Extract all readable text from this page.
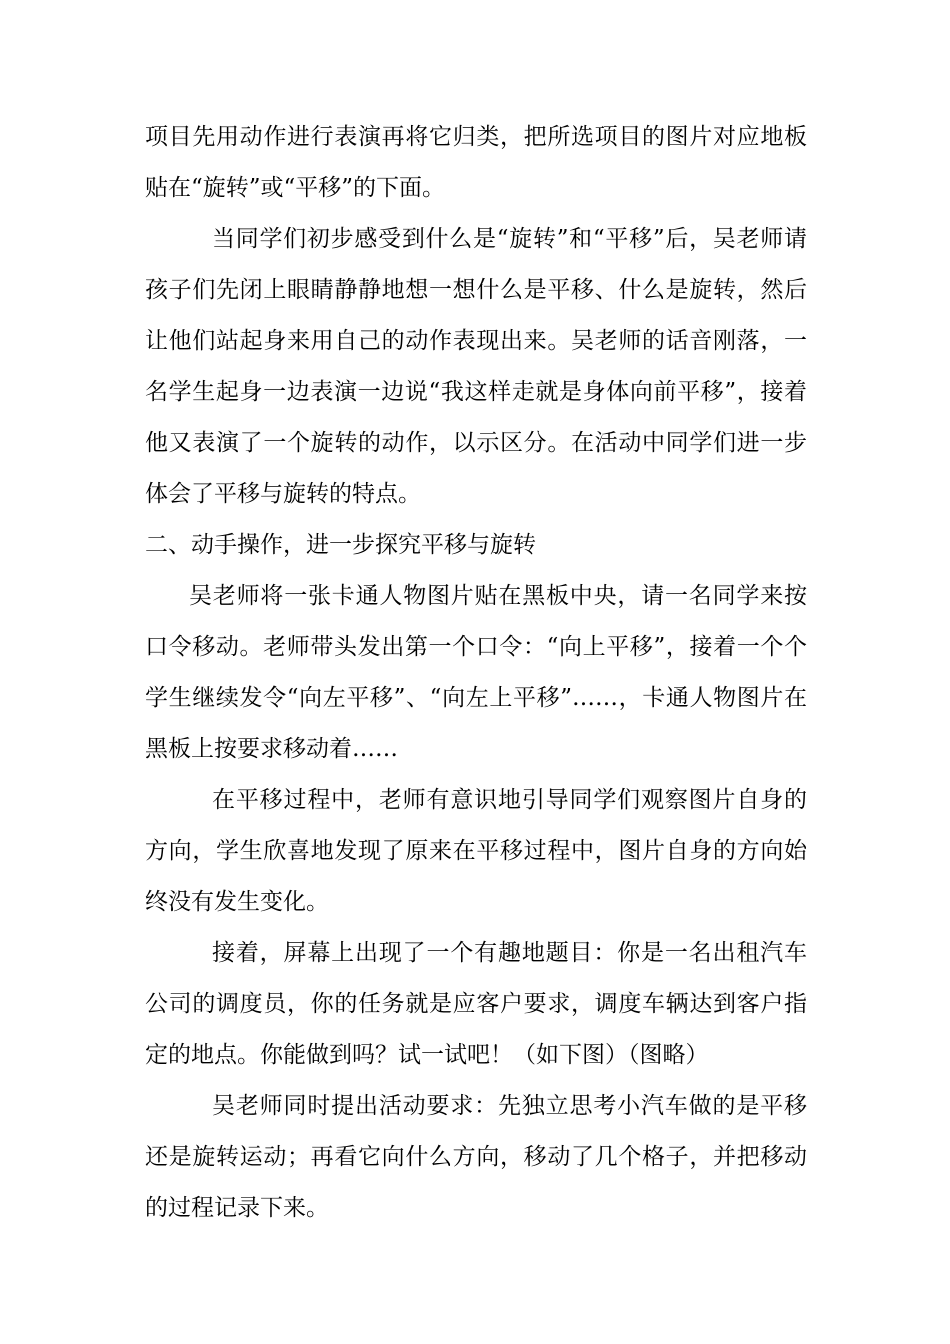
项目先用动作进行表演再将它归类，把所选项目的图片对应地板贴在“旋转”或“平移”的下面。

当同学们初步感受到什么是“旋转”和“平移”后，吴老师请孩子们先闭上眼睛静静地想一想什么是平移、什么是旋转，然后让他们站起身来用自己的动作表现出来。吴老师的话音刚落，一名学生起身一边表演一边说“我这样走就是身体向前平移”，接着他又表演了一个旋转的动作，以示区分。在活动中同学们进一步体会了平移与旋转的特点。

二、动手操作，进一步探究平移与旋转

吴老师将一张卡通人物图片贴在黑板中央，请一名同学来按口令移动。老师带头发出第一个口令：“向上平移”，接着一个个学生继续发令“向左平移”、“向左上平移”……，卡通人物图片在黑板上按要求移动着……

在平移过程中，老师有意识地引导同学们观察图片自身的方向，学生欣喜地发现了原来在平移过程中，图片自身的方向始终没有发生变化。

接着，屏幕上出现了一个有趣地题目：你是一名出租汽车公司的调度员，你的任务就是应客户要求，调度车辆达到客户指定的地点。你能做到吗？试一试吧！（如下图）（图略）

吴老师同时提出活动要求：先独立思考小汽车做的是平移还是旋转运动；再看它向什么方向，移动了几个格子，并把移动的过程记录下来。
